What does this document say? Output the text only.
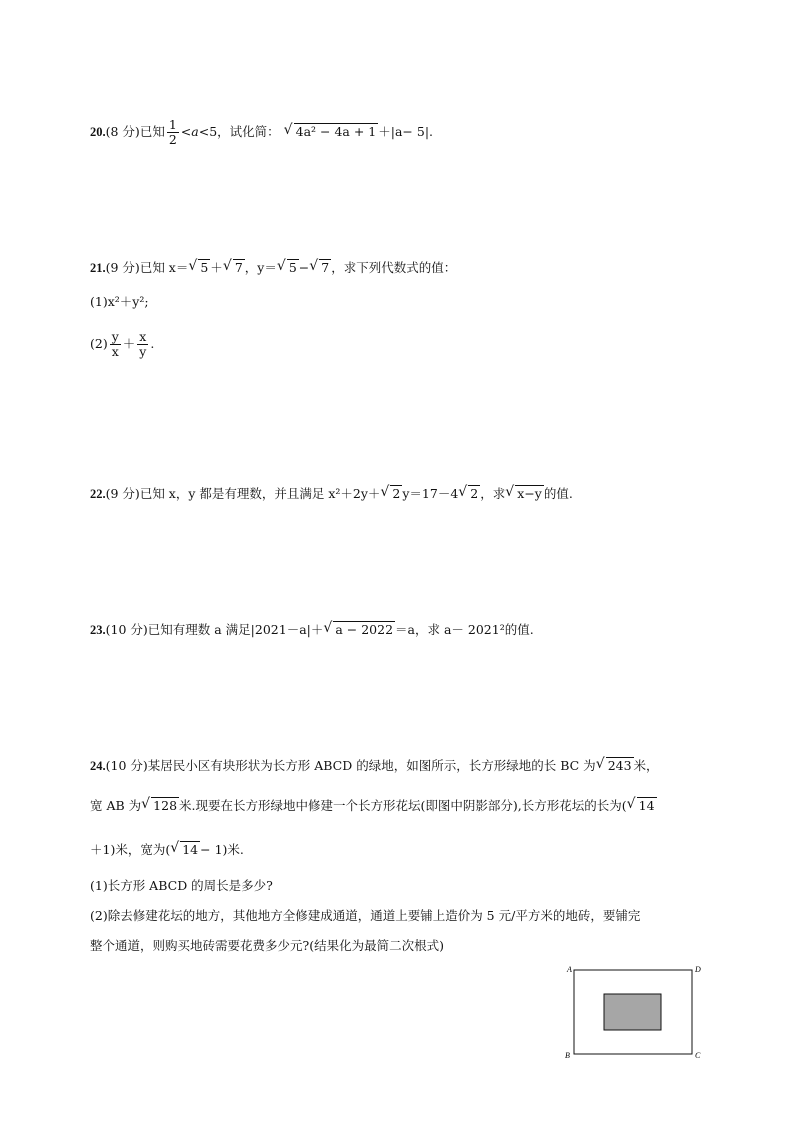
20.(8 分)已知 $\frac{1}{2} <a<5$，试化简： √ 4a² − 4a + 1 ＋|a− 5|.
21.(9 分)已知 x＝ √ 5 ＋ √ 7 ，y＝ √ 5 − √ 7 ，求下列代数式的值：
(1)x²＋y²;
$(2) \frac{y}{x} + \frac{x}{y}$ .
22.(9 分)已知 x，y 都是有理数，并且满足 x²＋2y＋ √ 2 y＝17－4 √ 2 ，求 √ x−y 的值.
23.(10 分)已知有理数 a 满足|2021－a|＋ √ a − 2022 ＝a，求 a－ 2021²的值.
24.(10 分)某居民小区有块形状为长方形 ABCD 的绿地，如图所示，长方形绿地的长 BC 为 √ 243 米，
宽 AB 为 √ 128 米.现要在长方形绿地中修建一个长方形花坛(即图中阴影部分),长方形花坛的长为( √ 14
＋1)米，宽为( √ 14 − 1)米.
(1)长方形 ABCD 的周长是多少?
(2)除去修建花坛的地方，其他地方全修建成通道，通道上要铺上造价为 5 元/平方米的地砖，要铺完
整个通道，则购买地砖需要花费多少元?(结果化为最简二次根式)
A	D
B	C
